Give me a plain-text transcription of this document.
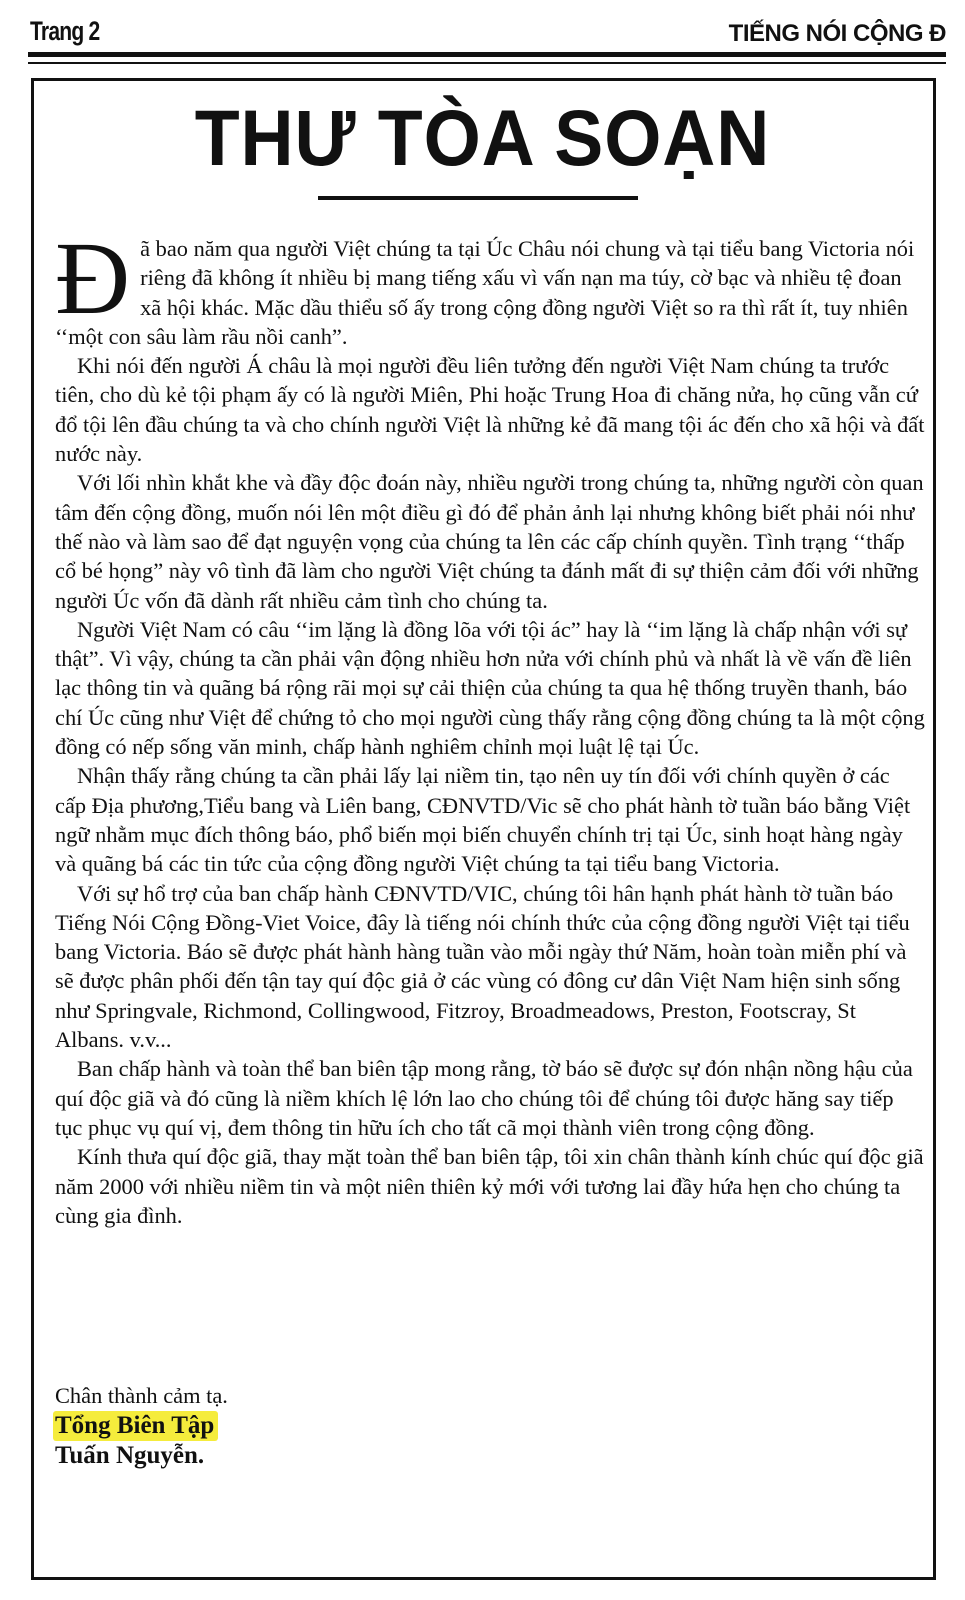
Trang 2	TIẾNG NÓI CỘNG Đ
THƯ TÒA SOẠN

Đã bao năm qua người Việt chúng ta tại Úc Châu nói chung và tại tiểu bang Victoria nói riêng đã không ít nhiều bị mang tiếng xấu vì vấn nạn ma túy, cờ bạc và nhiều tệ đoan xã hội khác. Mặc dầu thiểu số ấy trong cộng đồng người Việt so ra thì rất ít, tuy nhiên ‘‘một con sâu làm rầu nồi canh”.

Khi nói đến người Á châu là mọi người đều liên tưởng đến người Việt Nam chúng ta trước tiên, cho dù kẻ tội phạm ấy có là người Miên, Phi hoặc Trung Hoa đi chăng nửa, họ cũng vẫn cứ đổ tội lên đầu chúng ta và cho chính người Việt là những kẻ đã mang tội ác đến cho xã hội và đất nước này.

Với lối nhìn khắt khe và đầy độc đoán này, nhiều người trong chúng ta, những người còn quan tâm đến cộng đồng, muốn nói lên một điều gì đó để phản ảnh lại nhưng không biết phải nói như thế nào và làm sao để đạt nguyện vọng của chúng ta lên các cấp chính quyền. Tình trạng ‘‘thấp cổ bé họng” này vô tình đã làm cho người Việt chúng ta đánh mất đi sự thiện cảm đối với những người Úc vốn đã dành rất nhiều cảm tình cho chúng ta.

Người Việt Nam có câu ‘‘im lặng là đồng lõa với tội ác” hay là ‘‘im lặng là chấp nhận với sự thật”. Vì vậy, chúng ta cần phải vận động nhiều hơn nửa với chính phủ và nhất là về vấn đề liên lạc thông tin và quãng bá rộng rãi mọi sự cải thiện của chúng ta qua hệ thống truyền thanh, báo chí Úc cũng như Việt để chứng tỏ cho mọi người cùng thấy rằng cộng đồng chúng ta là một cộng đồng có nếp sống văn minh, chấp hành nghiêm chỉnh mọi luật lệ tại Úc.

Nhận thấy rằng chúng ta cần phải lấy lại niềm tin, tạo nên uy tín đối với chính quyền ở các cấp Địa phương,Tiểu bang và Liên bang, CĐNVTD/Vic sẽ cho phát hành tờ tuần báo bằng Việt ngữ nhằm mục đích thông báo, phổ biến mọi biến chuyển chính trị tại Úc, sinh hoạt hàng ngày và quãng bá các tin tức của cộng đồng người Việt chúng ta tại tiểu bang Victoria.

Với sự hổ trợ của ban chấp hành CĐNVTD/VIC, chúng tôi hân hạnh phát hành tờ tuần báo Tiếng Nói Cộng Đồng-Viet Voice, đây là tiếng nói chính thức của cộng đồng người Việt tại tiểu bang Victoria. Báo sẽ được phát hành hàng tuần vào mỗi ngày thứ Năm, hoàn toàn miễn phí và sẽ được phân phối đến tận tay quí độc giả ở các vùng có đông cư dân Việt Nam hiện sinh sống như Springvale, Richmond, Collingwood, Fitzroy, Broadmeadows, Preston, Footscray, St Albans. v.v...

Ban chấp hành và toàn thể ban biên tập mong rằng, tờ báo sẽ được sự đón nhận nồng hậu của quí độc giã và đó cũng là niềm khích lệ lớn lao cho chúng tôi để chúng tôi được hăng say tiếp tục phục vụ quí vị, đem thông tin hữu ích cho tất cã mọi thành viên trong cộng đồng.

Kính thưa quí độc giã, thay mặt toàn thể ban biên tập, tôi xin chân thành kính chúc quí độc giã năm 2000 với nhiều niềm tin và một niên thiên kỷ mới với tương lai đầy hứa hẹn cho chúng ta cùng gia đình.

Chân thành cảm tạ.
Tổng Biên Tập
Tuấn Nguyễn.
